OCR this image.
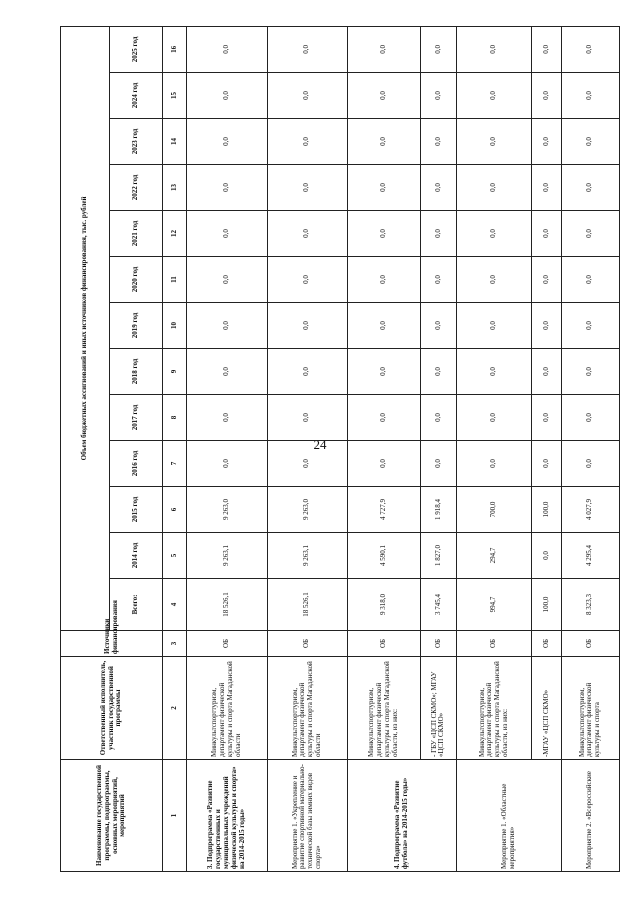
24
Наименование государственной программы, подпрограммы, основных мероприятий, мероприятий	Ответственный исполнитель, участник государственной программы	Источники финансирования	Объем бюджетных ассигнований и иных источников финансирования, тыс. рублей												
			Всего:	2014 год	2015 год	2016 год	2017 год	2018 год	2019 год	2020 год	2021 год	2022 год	2023 год	2024 год	2025 год
1	2	3	4	5	6	7	8	9	10	11	12	13	14	15	16
3. Подпрограмма «Развитие государственных и муниципальных учреждений физической культуры и спорта» на 2014-2015 годы»	Минкультспорттуризм, департамент физической культуры и спорта Магаданской области	ОБ	18 526,1	9 263,1	9 263,0	0,0	0,0	0,0	0,0	0,0	0,0	0,0	0,0	0,0	0,0
Мероприятие 1. «Укрепление и развитие спортивной материально-технической базы зимних видов спорта»	Минкультспорттуризм, департамент физической культуры и спорта Магаданской области	ОБ	18 526,1	9 263,1	9 263,0	0,0	0,0	0,0	0,0	0,0	0,0	0,0	0,0	0,0	0,0
4. Подпрограмма «Развитие футбола» на 2014-2015 годы»	Минкультспорттуризм, департамент физической культуры и спорта Магаданской области, из них:	ОБ	9 318,0	4 590,1	4 727,9	0,0	0,0	0,0	0,0	0,0	0,0	0,0	0,0	0,0	0,0
	- ГБУ «ЦСП СКМО»; МГАУ «ЦСП СКМО»	ОБ	3 745,4	1 827,0	1 918,4	0,0	0,0	0,0	0,0	0,0	0,0	0,0	0,0	0,0	0,0
Мероприятие 1. «Областные мероприятия»	Минкультспорттуризм, департамент физической культуры и спорта Магаданской области, из них:	ОБ	994,7	294,7	700,0	0,0	0,0	0,0	0,0	0,0	0,0	0,0	0,0	0,0	0,0
	-МГАУ «ЦСП СКМО»	ОБ	100,0	0,0	100,0	0,0	0,0	0,0	0,0	0,0	0,0	0,0	0,0	0,0	0,0
Мероприятие 2. «Всероссийские	Минкультспорттуризм, департамент физической культуры и спорта	ОБ	8 323,3	4 295,4	4 027,9	0,0	0,0	0,0	0,0	0,0	0,0	0,0	0,0	0,0	0,0
